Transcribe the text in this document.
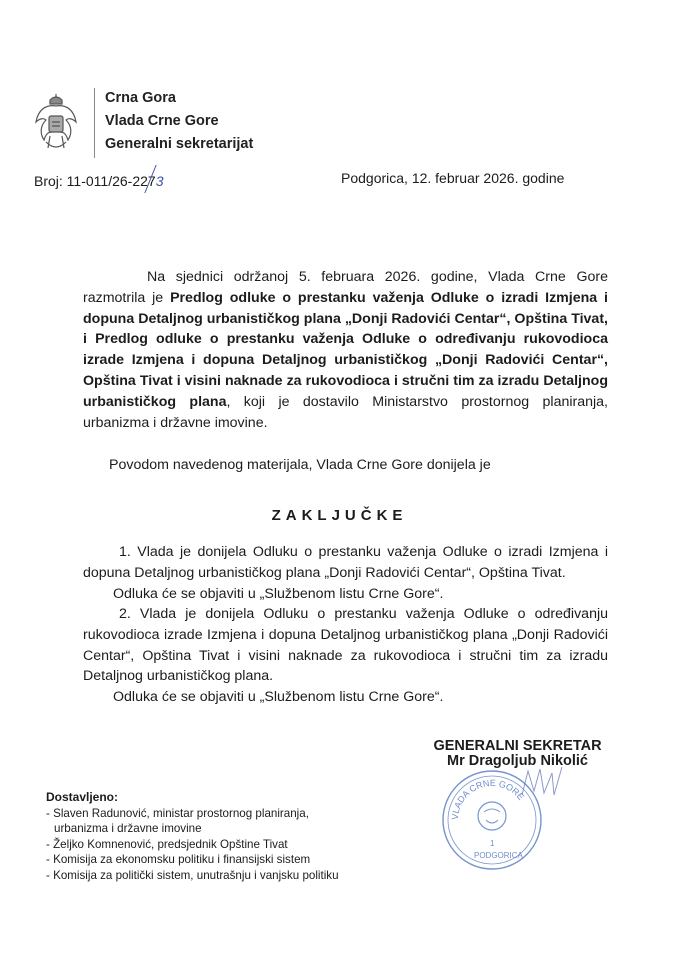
Crna Gora
Vlada Crne Gore
Generalni sekretarijat
Broj: 11-011/26-227
3	Podgorica, 12. februar 2026. godine
Na sjednici održanoj 5. februara 2026. godine, Vlada Crne Gore razmotrila je Predlog odluke o prestanku važenja Odluke o izradi Izmjena i dopuna Detaljnog urbanističkog plana „Donji Radovići Centar“, Opština Tivat, i Predlog odluke o prestanku važenja Odluke o određivanju rukovodioca izrade Izmjena i dopuna Detaljnog urbanističkog „Donji Radovići Centar“, Opština Tivat i visini naknade za rukovodioca i stručni tim za izradu Detaljnog urbanističkog plana, koji je dostavilo Ministarstvo prostornog planiranja, urbanizma i državne imovine.
Povodom navedenog materijala, Vlada Crne Gore donijela je
ZAKLJUČKE
1. Vlada je donijela Odluku o prestanku važenja Odluke o izradi Izmjena i dopuna Detaljnog urbanističkog plana „Donji Radovići Centar“, Opština Tivat.
Odluka će se objaviti u „Službenom listu Crne Gore“.
2. Vlada je donijela Odluku o prestanku važenja Odluke o određivanju rukovodioca izrade Izmjena i dopuna Detaljnog urbanističkog plana „Donji Radovići Centar“, Opština Tivat i visini naknade za rukovodioca i stručni tim za izradu Detaljnog urbanističkog plana.
Odluka će se objaviti u „Službenom listu Crne Gore“.
VLADA CRNE GORE
PODGORICA
1
GENERALNI SEKRETAR
Mr Dragoljub Nikolić
Dostavljeno:
- Slaven Radunović, ministar prostornog planiranja,
urbanizma i državne imovine
- Željko Komnenović, predsjednik Opštine Tivat
- Komisija za ekonomsku politiku i finansijski sistem
- Komisija za politički sistem, unutrašnju i vanjsku politiku
